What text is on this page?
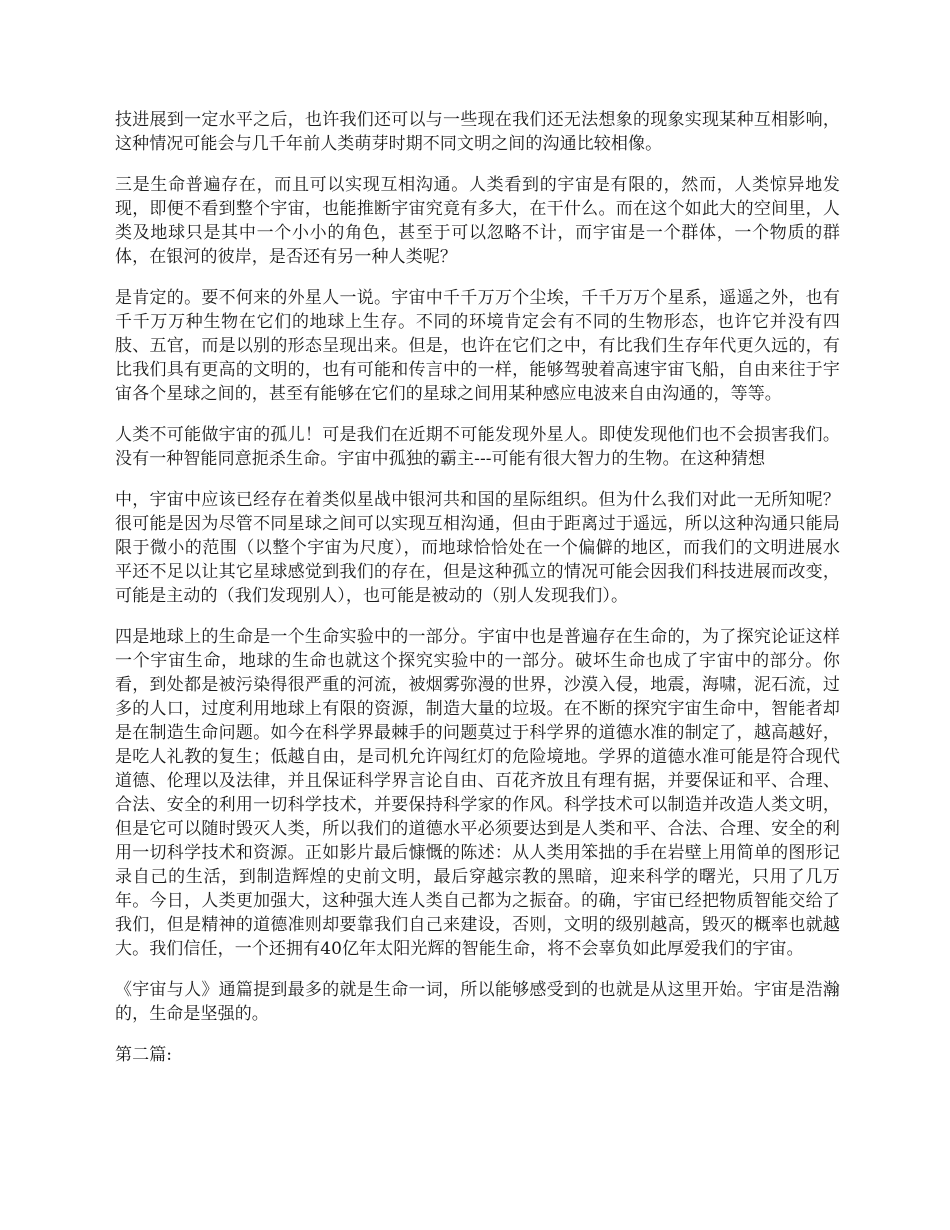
技进展到一定水平之后，也许我们还可以与一些现在我们还无法想象的现象实现某种互相影响，这种情况可能会与几千年前人类萌芽时期不同文明之间的沟通比较相像。

三是生命普遍存在，而且可以实现互相沟通。人类看到的宇宙是有限的，然而，人类惊异地发现，即便不看到整个宇宙，也能推断宇宙究竟有多大，在干什么。而在这个如此大的空间里，人类及地球只是其中一个小小的角色，甚至于可以忽略不计，而宇宙是一个群体，一个物质的群体，在银河的彼岸，是否还有另一种人类呢？

是肯定的。要不何来的外星人一说。宇宙中千千万万个尘埃，千千万万个星系，遥遥之外，也有千千万万种生物在它们的地球上生存。不同的环境肯定会有不同的生物形态，也许它并没有四肢、五官，而是以别的形态呈现出来。但是，也许在它们之中，有比我们生存年代更久远的，有比我们具有更高的文明的，也有可能和传言中的一样，能够驾驶着高速宇宙飞船，自由来往于宇宙各个星球之间的，甚至有能够在它们的星球之间用某种感应电波来自由沟通的，等等。

人类不可能做宇宙的孤儿！可是我们在近期不可能发现外星人。即使发现他们也不会损害我们。没有一种智能同意扼杀生命。宇宙中孤独的霸主---可能有很大智力的生物。在这种猜想

中，宇宙中应该已经存在着类似星战中银河共和国的星际组织。但为什么我们对此一无所知呢？很可能是因为尽管不同星球之间可以实现互相沟通，但由于距离过于遥远，所以这种沟通只能局限于微小的范围（以整个宇宙为尺度），而地球恰恰处在一个偏僻的地区，而我们的文明进展水平还不足以让其它星球感觉到我们的存在，但是这种孤立的情况可能会因我们科技进展而改变，可能是主动的（我们发现别人），也可能是被动的（别人发现我们）。

四是地球上的生命是一个生命实验中的一部分。宇宙中也是普遍存在生命的，为了探究论证这样一个宇宙生命，地球的生命也就这个探究实验中的一部分。破坏生命也成了宇宙中的部分。你看，到处都是被污染得很严重的河流，被烟雾弥漫的世界，沙漠入侵，地震，海啸，泥石流，过多的人口，过度利用地球上有限的资源，制造大量的垃圾。在不断的探究宇宙生命中，智能者却是在制造生命问题。如今在科学界最棘手的问题莫过于科学界的道德水准的制定了，越高越好，是吃人礼教的复生；低越自由，是司机允许闯红灯的危险境地。学界的道德水准可能是符合现代道德、伦理以及法律，并且保证科学界言论自由、百花齐放且有理有据，并要保证和平、合理、合法、安全的利用一切科学技术，并要保持科学家的作风。科学技术可以制造并改造人类文明，但是它可以随时毁灭人类，所以我们的道德水平必须要达到是人类和平、合法、合理、安全的利用一切科学技术和资源。正如影片最后慷慨的陈述：从人类用笨拙的手在岩壁上用简单的图形记录自己的生活，到制造辉煌的史前文明，最后穿越宗教的黑暗，迎来科学的曙光，只用了几万年。今日，人类更加强大，这种强大连人类自己都为之振奋。的确，宇宙已经把物质智能交给了我们，但是精神的道德准则却要靠我们自己来建设，否则，文明的级别越高，毁灭的概率也就越大。我们信任，一个还拥有40亿年太阳光辉的智能生命，将不会辜负如此厚爱我们的宇宙。

《宇宙与人》通篇提到最多的就是生命一词，所以能够感受到的也就是从这里开始。宇宙是浩瀚的，生命是坚强的。

第二篇:
